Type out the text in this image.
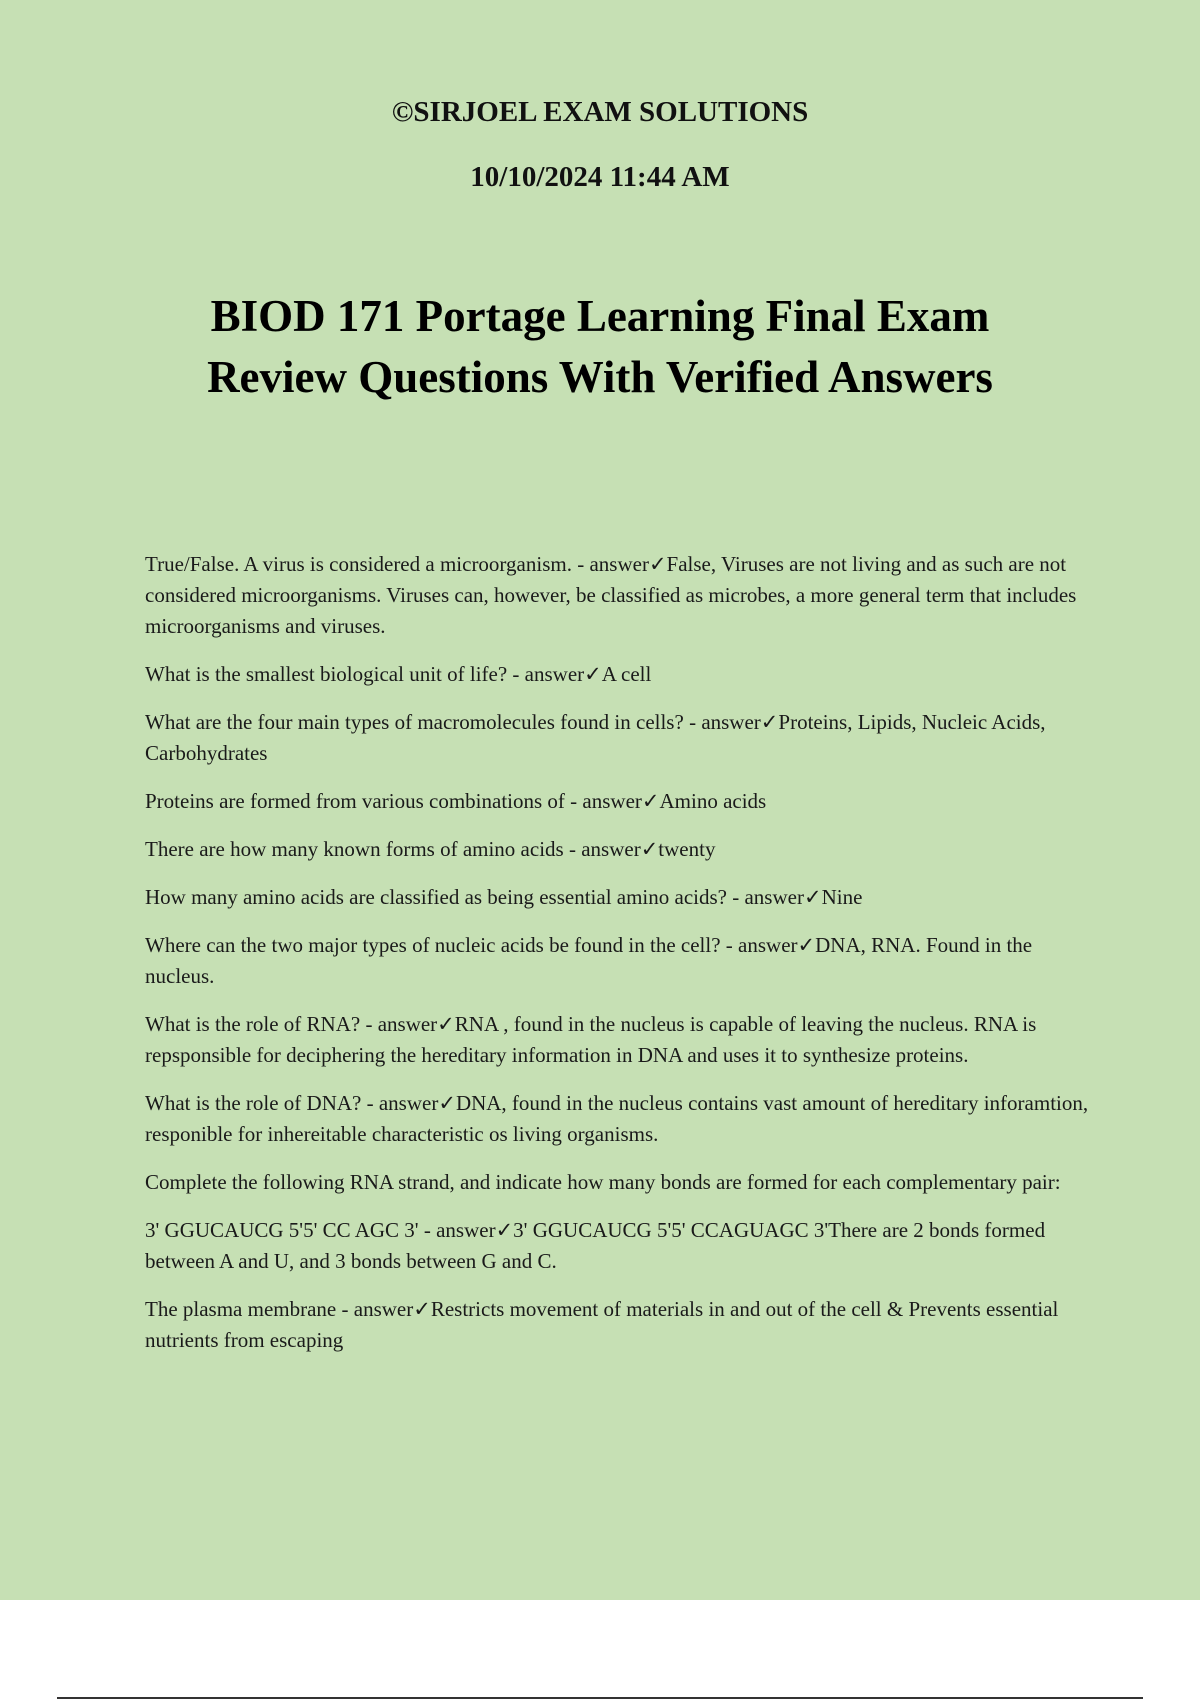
©SIRJOEL EXAM SOLUTIONS
10/10/2024 11:44 AM
BIOD 171 Portage Learning Final Exam Review Questions With Verified Answers
True/False. A virus is considered a microorganism. - answer✓False, Viruses are not living and as such are not considered microorganisms. Viruses can, however, be classified as microbes, a more general term that includes microorganisms and viruses.
What is the smallest biological unit of life? - answer✓A cell
What are the four main types of macromolecules found in cells? - answer✓Proteins, Lipids, Nucleic Acids, Carbohydrates
Proteins are formed from various combinations of - answer✓Amino acids
There are how many known forms of amino acids - answer✓twenty
How many amino acids are classified as being essential amino acids? - answer✓Nine
Where can the two major types of nucleic acids be found in the cell? - answer✓DNA, RNA. Found in the nucleus.
What is the role of RNA? - answer✓RNA , found in the nucleus is capable of leaving the nucleus. RNA is repsponsible for deciphering the hereditary information in DNA and uses it to synthesize proteins.
What is the role of DNA? - answer✓DNA, found in the nucleus contains vast amount of hereditary inforamtion, responible for inhereitable characteristic os living organisms.
Complete the following RNA strand, and indicate how many bonds are formed for each complementary pair:
3' GGUCAUCG 5'5' CC AGC 3' - answer✓3' GGUCAUCG 5'5' CCAGUAGC 3'There are 2 bonds formed between A and U, and 3 bonds between G and C.
The plasma membrane - answer✓Restricts movement of materials in and out of the cell & Prevents essential nutrients from escaping
